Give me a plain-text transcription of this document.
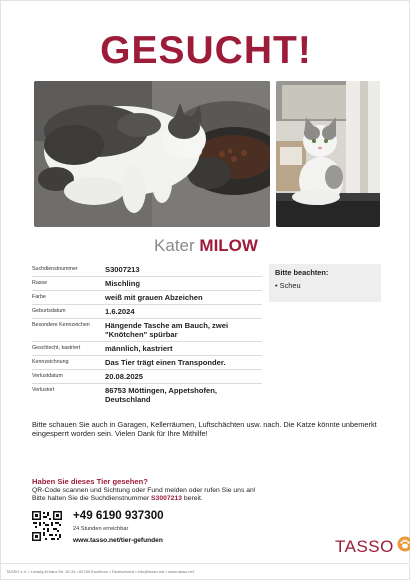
GESUCHT!
Kater MILOW
Suchdienstnummer	S3007213
Rasse	Mischling
Farbe	weiß mit grauen Abzeichen
Geburtsdatum	1.6.2024
Besondere Kennzeichen	Hängende Tasche am Bauch, zwei "Knötchen" spürbar
Geschlecht, kastriert	männlich, kastriert
Kennzeichnung	Das Tier trägt einen Transponder.
Verlustdatum	20.08.2025
Verlustort	86753 Möttingen, Appetshofen, Deutschland
Bitte beachten:
• Scheu
Bitte schauen Sie auch in Garagen, Kellerräumen, Luftschächten usw. nach. Die Katze könnte unbemerkt eingesperrt worden sein. Vielen Dank für Ihre Mithilfe!
Haben Sie dieses Tier gesehen?
QR-Code scannen und Sichtung oder Fund melden oder rufen Sie uns an!
Bitte halten Sie die Suchdienstnummer S3007213 bereit.
+49 6190 937300
24 Stunden erreichbar
www.tasso.net/tier-gefunden	TASSO
TASSO e.V. • Ludwig-Erhard-Str. 30-34 • 65760 Eschborn • Deutschland • info@tasso.net • www.tasso.net
